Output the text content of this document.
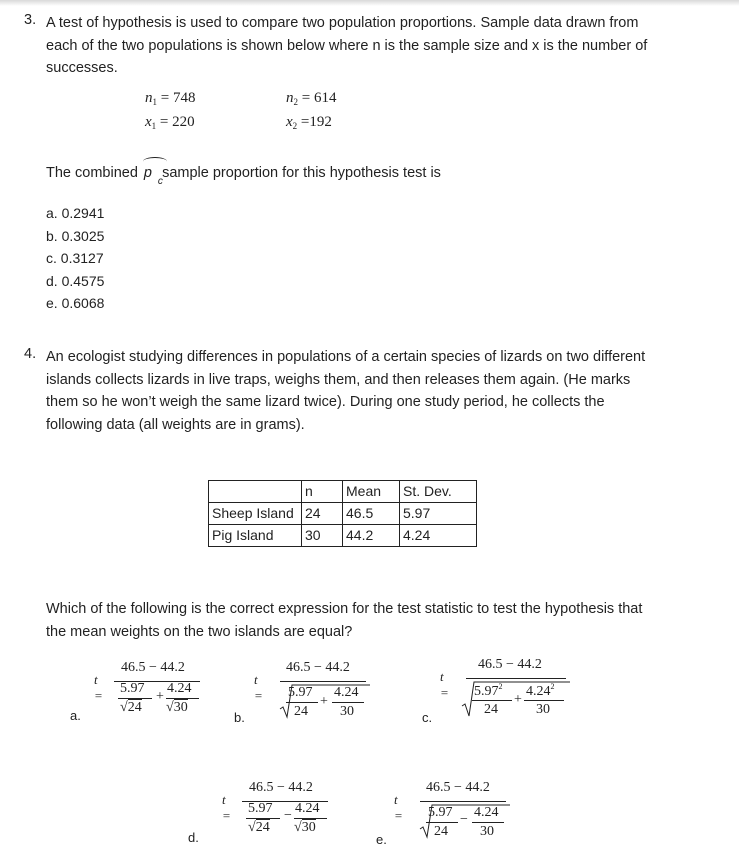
3. A test of hypothesis is used to compare two population proportions. Sample data drawn from
each of the two populations is shown below where n is the sample size and x is the number of
successes.
$n_1 = 748$
$x_1 = 220$
$n_2 = 614$
$x_2 =192$
The combined p
c
sample proportion for this hypothesis test is
a. 0.2941
b. 0.3025
c. 0.3127
d. 0.4575
e. 0.6068
4. An ecologist studying differences in populations of a certain species of lizards on two different
islands collects lizards in live traps, weighs them, and then releases them again. (He marks
them so he won’t weigh the same lizard twice). During one study period, he collects the
following data (all weights are in grams).
	n	Mean	St. Dev.
Sheep Island	24	46.5	5.97
Pig Island	30	44.2	4.24
Which of the following is the correct expression for the test statistic to test the hypothesis that
the mean weights on the two islands are equal?
t =
46.5 − 44.2
5.97
√24
+
4.24
√30
a.
t =
46.5 − 44.2
5.97
24
+
4.24
30
b.
t =
46.5 − 44.2
5.97$^2$
24
+
$4.24^2$
30
c.
t =
46.5 − 44.2
5.97
√24
− 4.24
√30
d.
t =
46.5 − 44.2
5.97
24
− 4.24
30
e.
